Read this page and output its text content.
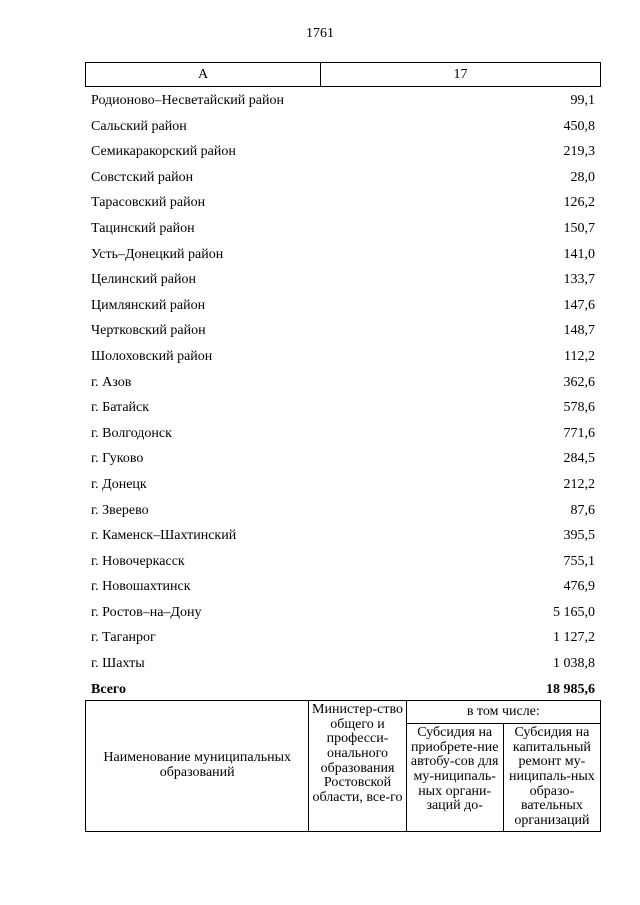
1761
А	17
Родионово–Несветайский район	99,1
Сальский район	450,8
Семикаракорский район	219,3
Совстский район	28,0
Тарасовский район	126,2
Тацинский район	150,7
Усть–Донецкий район	141,0
Целинский район	133,7
Цимлянский район	147,6
Чертковский район	148,7
Шолоховский район	112,2
г. Азов	362,6
г. Батайск	578,6
г. Волгодонск	771,6
г. Гуково	284,5
г. Донецк	212,2
г. Зверево	87,6
г. Каменск–Шахтинский	395,5
г. Новочеркасск	755,1
г. Новошахтинск	476,9
г. Ростов–на–Дону	5 165,0
г. Таганрог	1 127,2
г. Шахты	1 038,8
Всего	18 985,6
Наименование муниципальных образований	Министер-ство общего и професси-онального образования Ростовской области, все-го	в том числе:	
		Субсидия на приобрете-ние автобу-сов для му-ниципаль-ных органи-заций до-	Субсидия на капитальный ремонт му-ниципаль-ных образо-вательных организаций
